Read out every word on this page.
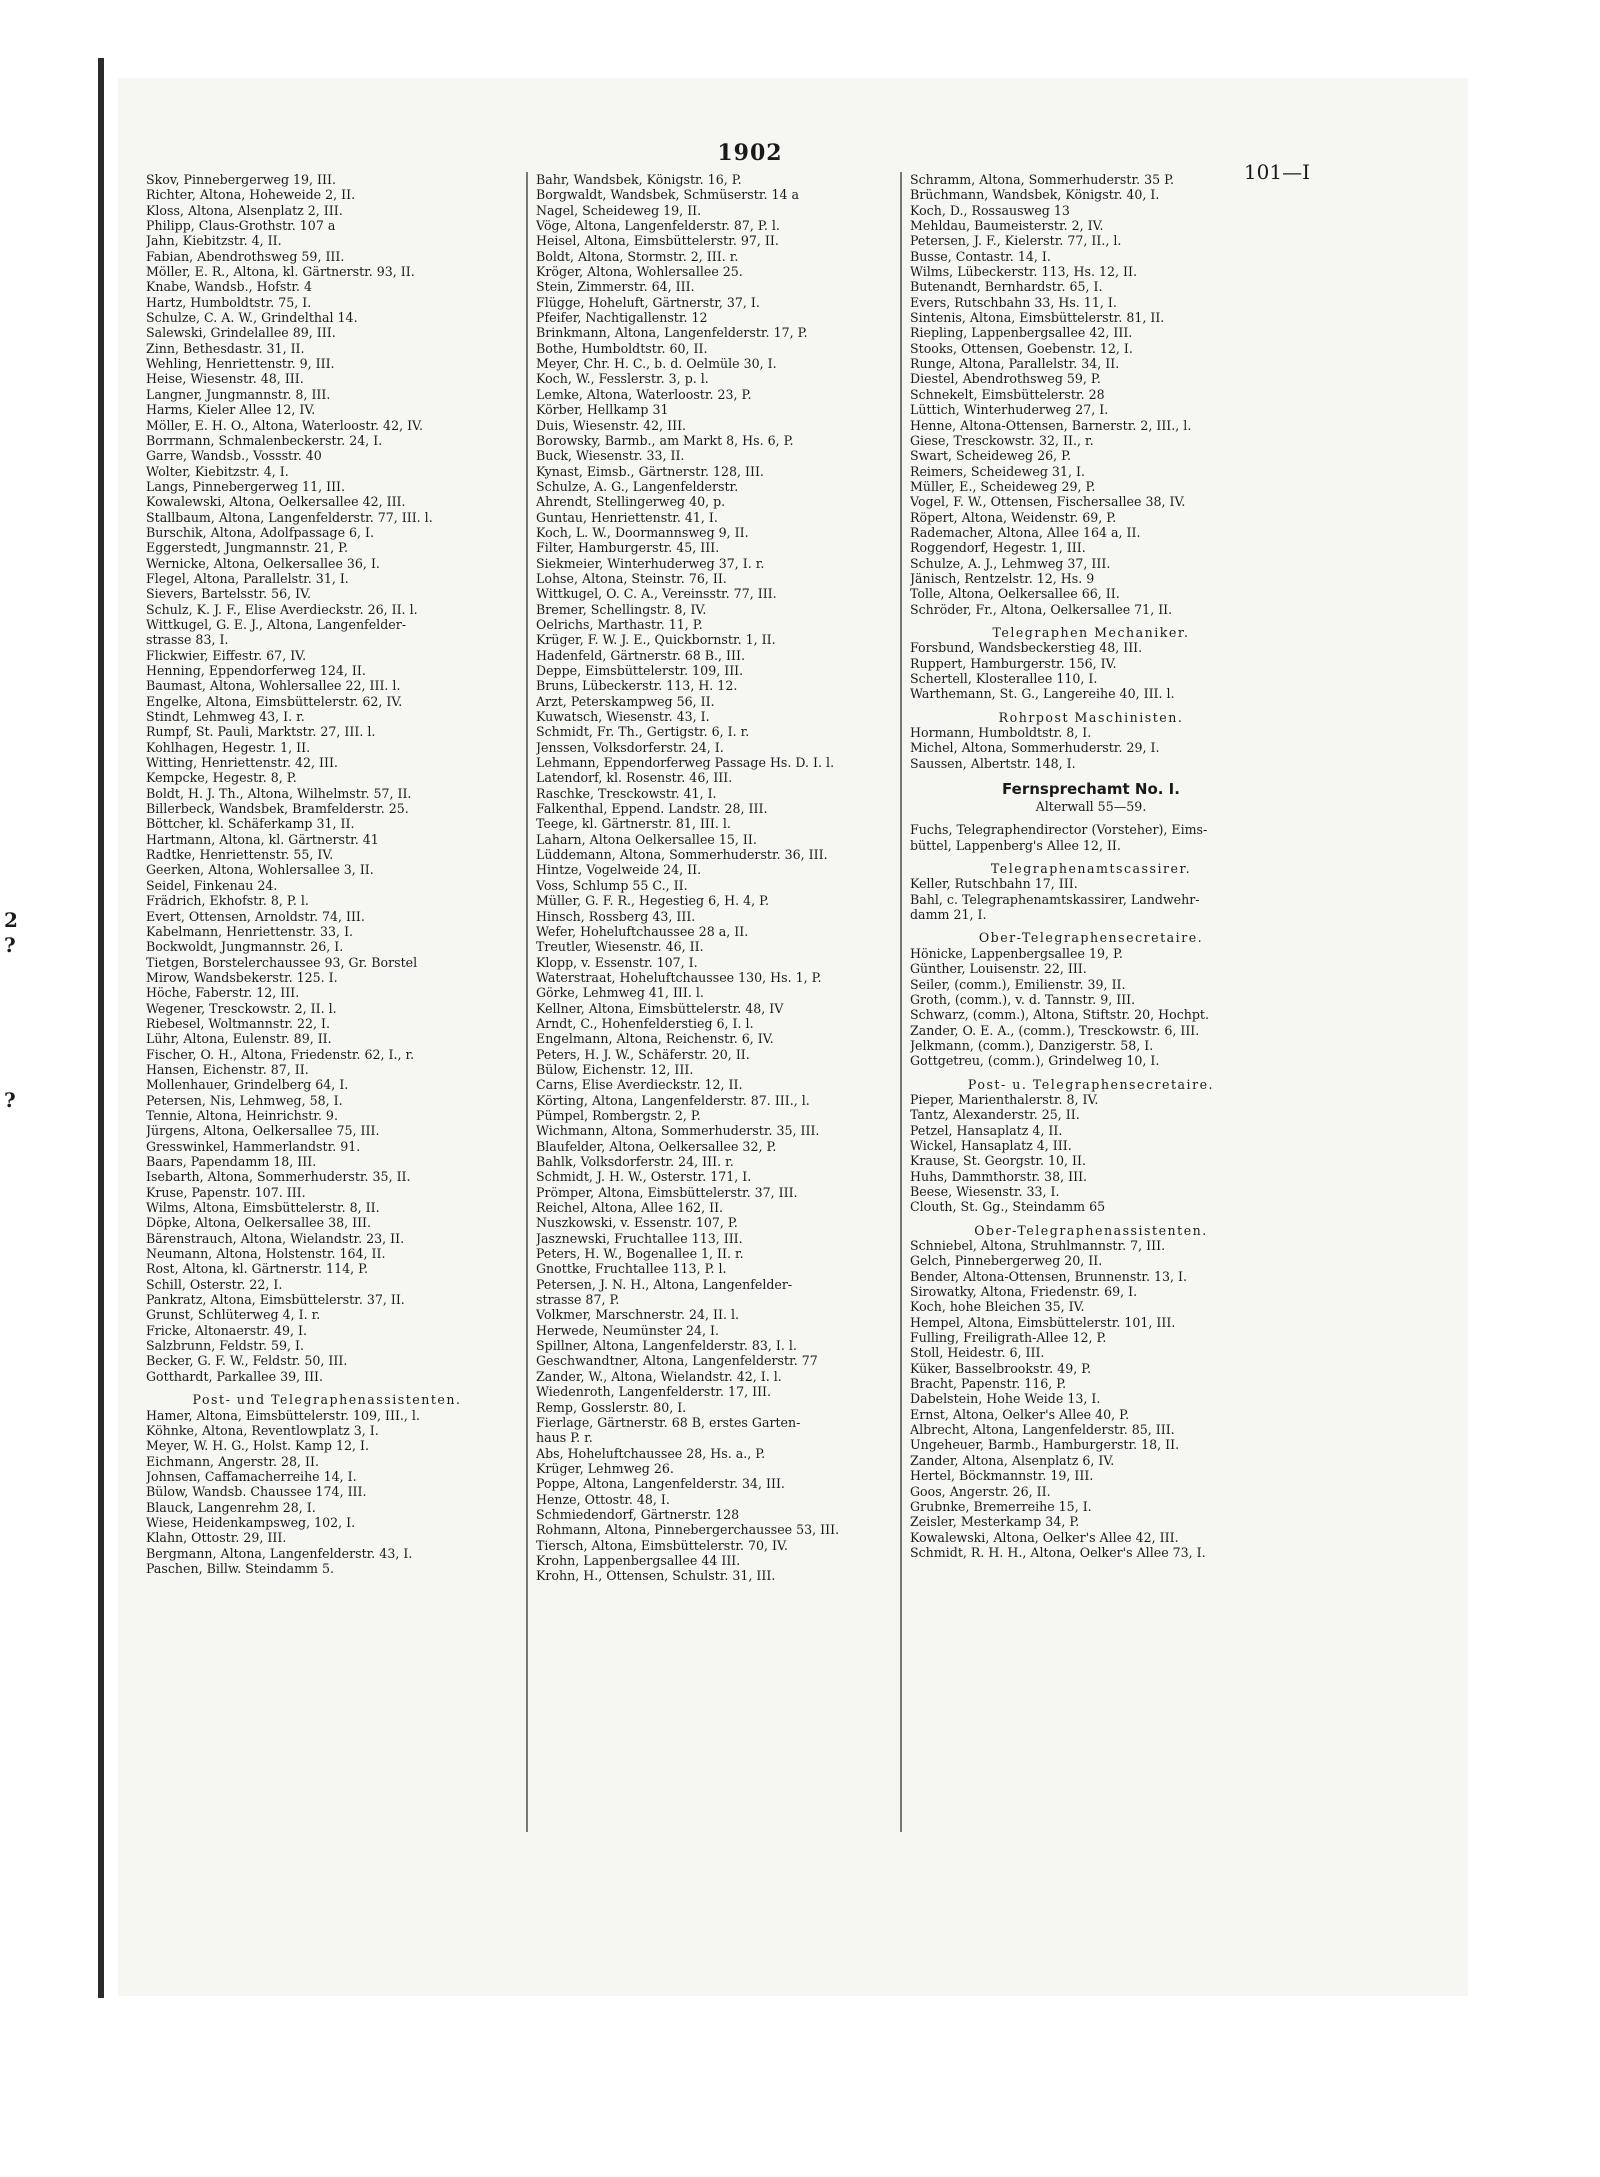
2
?
?
1902
101—I
Skov, Pinnebergerweg 19, III.
Richter, Altona, Hoheweide 2, II.
Kloss, Altona, Alsenplatz 2, III.
Philipp, Claus-Grothstr. 107 a
Jahn, Kiebitzstr. 4, II.
Fabian, Abendrothsweg 59, III.
Möller, E. R., Altona, kl. Gärtnerstr. 93, II.
Knabe, Wandsb., Hofstr. 4
Hartz, Humboldtstr. 75, I.
Schulze, C. A. W., Grindelthal 14.
Salewski, Grindelallee 89, III.
Zinn, Bethesdastr. 31, II.
Wehling, Henriettenstr. 9, III.
Heise, Wiesenstr. 48, III.
Langner, Jungmannstr. 8, III.
Harms, Kieler Allee 12, IV.
Möller, E. H. O., Altona, Waterloostr. 42, IV.
Borrmann, Schmalenbeckerstr. 24, I.
Garre, Wandsb., Vossstr. 40
Wolter, Kiebitzstr. 4, I.
Langs, Pinnebergerweg 11, III.
Kowalewski, Altona, Oelkersallee 42, III.
Stallbaum, Altona, Langenfelderstr. 77, III. l.
Burschik, Altona, Adolfpassage 6, I.
Eggerstedt, Jungmannstr. 21, P.
Wernicke, Altona, Oelkersallee 36, I.
Flegel, Altona, Parallelstr. 31, I.
Sievers, Bartelsstr. 56, IV.
Schulz, K. J. F., Elise Averdieckstr. 26, II. l.
Wittkugel, G. E. J., Altona, Langenfelder-
strasse 83, I.
Flickwier, Eiffestr. 67, IV.
Henning, Eppendorferweg 124, II.
Baumast, Altona, Wohlersallee 22, III. l.
Engelke, Altona, Eimsbüttelerstr. 62, IV.
Stindt, Lehmweg 43, I. r.
Rumpf, St. Pauli, Marktstr. 27, III. l.
Kohlhagen, Hegestr. 1, II.
Witting, Henriettenstr. 42, III.
Kempcke, Hegestr. 8, P.
Boldt, H. J. Th., Altona, Wilhelmstr. 57, II.
Billerbeck, Wandsbek, Bramfelderstr. 25.
Böttcher, kl. Schäferkamp 31, II.
Hartmann, Altona, kl. Gärtnerstr. 41
Radtke, Henriettenstr. 55, IV.
Geerken, Altona, Wohlersallee 3, II.
Seidel, Finkenau 24.
Frädrich, Ekhofstr. 8, P. l.
Evert, Ottensen, Arnoldstr. 74, III.
Kabelmann, Henriettenstr. 33, I.
Bockwoldt, Jungmannstr. 26, I.
Tietgen, Borstelerchaussee 93, Gr. Borstel
Mirow, Wandsbekerstr. 125. I.
Höche, Faberstr. 12, III.
Wegener, Tresckowstr. 2, II. l.
Riebesel, Woltmannstr. 22, I.
Lühr, Altona, Eulenstr. 89, II.
Fischer, O. H., Altona, Friedenstr. 62, I., r.
Hansen, Eichenstr. 87, II.
Mollenhauer, Grindelberg 64, I.
Petersen, Nis, Lehmweg, 58, I.
Tennie, Altona, Heinrichstr. 9.
Jürgens, Altona, Oelkersallee 75, III.
Gresswinkel, Hammerlandstr. 91.
Baars, Papendamm 18, III.
Isebarth, Altona, Sommerhuderstr. 35, II.
Kruse, Papenstr. 107. III.
Wilms, Altona, Eimsbüttelerstr. 8, II.
Döpke, Altona, Oelkersallee 38, III.
Bärenstrauch, Altona, Wielandstr. 23, II.
Neumann, Altona, Holstenstr. 164, II.
Rost, Altona, kl. Gärtnerstr. 114, P.
Schill, Osterstr. 22, I.
Pankratz, Altona, Eimsbüttelerstr. 37, II.
Grunst, Schlüterweg 4, I. r.
Fricke, Altonaerstr. 49, I.
Salzbrunn, Feldstr. 59, I.
Becker, G. F. W., Feldstr. 50, III.
Gotthardt, Parkallee 39, III.
Post- und Telegraphenassistenten.
Hamer, Altona, Eimsbüttelerstr. 109, III., l.
Köhnke, Altona, Reventlowplatz 3, I.
Meyer, W. H. G., Holst. Kamp 12, I.
Eichmann, Angerstr. 28, II.
Johnsen, Caffamacherreihe 14, I.
Bülow, Wandsb. Chaussee 174, III.
Blauck, Langenrehm 28, I.
Wiese, Heidenkampsweg, 102, I.
Klahn, Ottostr. 29, III.
Bergmann, Altona, Langenfelderstr. 43, I.
Paschen, Billw. Steindamm 5.
Bahr, Wandsbek, Königstr. 16, P.
Borgwaldt, Wandsbek, Schmüserstr. 14 a
Nagel, Scheideweg 19, II.
Vöge, Altona, Langenfelderstr. 87, P. l.
Heisel, Altona, Eimsbüttelerstr. 97, II.
Boldt, Altona, Stormstr. 2, III. r.
Kröger, Altona, Wohlersallee 25.
Stein, Zimmerstr. 64, III.
Flügge, Hoheluft, Gärtnerstr, 37, I.
Pfeifer, Nachtigallenstr. 12
Brinkmann, Altona, Langenfelderstr. 17, P.
Bothe, Humboldtstr. 60, II.
Meyer, Chr. H. C., b. d. Oelmüle 30, I.
Koch, W., Fesslerstr. 3, p. l.
Lemke, Altona, Waterloostr. 23, P.
Körber, Hellkamp 31
Duis, Wiesenstr. 42, III.
Borowsky, Barmb., am Markt 8, Hs. 6, P.
Buck, Wiesenstr. 33, II.
Kynast, Eimsb., Gärtnerstr. 128, III.
Schulze, A. G., Langenfelderstr.
Ahrendt, Stellingerweg 40, p.
Guntau, Henriettenstr. 41, I.
Koch, L. W., Doormannsweg 9, II.
Filter, Hamburgerstr. 45, III.
Siekmeier, Winterhuderweg 37, I. r.
Lohse, Altona, Steinstr. 76, II.
Wittkugel, O. C. A., Vereinsstr. 77, III.
Bremer, Schellingstr. 8, IV.
Oelrichs, Marthastr. 11, P.
Krüger, F. W. J. E., Quickbornstr. 1, II.
Hadenfeld, Gärtnerstr. 68 B., III.
Deppe, Eimsbüttelerstr. 109, III.
Bruns, Lübeckerstr. 113, H. 12.
Arzt, Peterskampweg 56, II.
Kuwatsch, Wiesenstr. 43, I.
Schmidt, Fr. Th., Gertigstr. 6, I. r.
Jenssen, Volksdorferstr. 24, I.
Lehmann, Eppendorferweg Passage Hs. D. I. l.
Latendorf, kl. Rosenstr. 46, III.
Raschke, Tresckowstr. 41, I.
Falkenthal, Eppend. Landstr. 28, III.
Teege, kl. Gärtnerstr. 81, III. l.
Laharn, Altona Oelkersallee 15, II.
Lüddemann, Altona, Sommerhuderstr. 36, III.
Hintze, Vogelweide 24, II.
Voss, Schlump 55 C., II.
Müller, G. F. R., Hegestieg 6, H. 4, P.
Hinsch, Rossberg 43, III.
Wefer, Hoheluftchaussee 28 a, II.
Treutler, Wiesenstr. 46, II.
Klopp, v. Essenstr. 107, I.
Waterstraat, Hoheluftchaussee 130, Hs. 1, P.
Görke, Lehmweg 41, III. l.
Kellner, Altona, Eimsbüttelerstr. 48, IV
Arndt, C., Hohenfelderstieg 6, I. l.
Engelmann, Altona, Reichenstr. 6, IV.
Peters, H. J. W., Schäferstr. 20, II.
Bülow, Eichenstr. 12, III.
Carns, Elise Averdieckstr. 12, II.
Körting, Altona, Langenfelderstr. 87. III., l.
Pümpel, Rombergstr. 2, P.
Wichmann, Altona, Sommerhuderstr. 35, III.
Blaufelder, Altona, Oelkersallee 32, P.
Bahlk, Volksdorferstr. 24, III. r.
Schmidt, J. H. W., Osterstr. 171, I.
Prömper, Altona, Eimsbüttelerstr. 37, III.
Reichel, Altona, Allee 162, II.
Nuszkowski, v. Essenstr. 107, P.
Jasznewski, Fruchtallee 113, III.
Peters, H. W., Bogenallee 1, II. r.
Gnottke, Fruchtallee 113, P. l.
Petersen, J. N. H., Altona, Langenfelder-
strasse 87, P.
Volkmer, Marschnerstr. 24, II. l.
Herwede, Neumünster 24, I.
Spillner, Altona, Langenfelderstr. 83, I. l.
Geschwandtner, Altona, Langenfelderstr. 77
Zander, W., Altona, Wielandstr. 42, I. l.
Wiedenroth, Langenfelderstr. 17, III.
Remp, Gosslerstr. 80, I.
Fierlage, Gärtnerstr. 68 B, erstes Garten-
haus P. r.
Abs, Hoheluftchaussee 28, Hs. a., P.
Krüger, Lehmweg 26.
Poppe, Altona, Langenfelderstr. 34, III.
Henze, Ottostr. 48, I.
Schmiedendorf, Gärtnerstr. 128
Rohmann, Altona, Pinnebergerchaussee 53, III.
Tiersch, Altona, Eimsbüttelerstr. 70, IV.
Krohn, Lappenbergsallee 44 III.
Krohn, H., Ottensen, Schulstr. 31, III.
Schramm, Altona, Sommerhuderstr. 35 P.
Brüchmann, Wandsbek, Königstr. 40, I.
Koch, D., Rossausweg 13
Mehldau, Baumeisterstr. 2, IV.
Petersen, J. F., Kielerstr. 77, II., l.
Busse, Contastr. 14, I.
Wilms, Lübeckerstr. 113, Hs. 12, II.
Butenandt, Bernhardstr. 65, I.
Evers, Rutschbahn 33, Hs. 11, I.
Sintenis, Altona, Eimsbüttelerstr. 81, II.
Riepling, Lappenbergsallee 42, III.
Stooks, Ottensen, Goebenstr. 12, I.
Runge, Altona, Parallelstr. 34, II.
Diestel, Abendrothsweg 59, P.
Schnekelt, Eimsbüttelerstr. 28
Lüttich, Winterhuderweg 27, I.
Henne, Altona-Ottensen, Barnerstr. 2, III., l.
Giese, Tresckowstr. 32, II., r.
Swart, Scheideweg 26, P.
Reimers, Scheideweg 31, I.
Müller, E., Scheideweg 29, P.
Vogel, F. W., Ottensen, Fischersallee 38, IV.
Röpert, Altona, Weidenstr. 69, P.
Rademacher, Altona, Allee 164 a, II.
Roggendorf, Hegestr. 1, III.
Schulze, A. J., Lehmweg 37, III.
Jänisch, Rentzelstr. 12, Hs. 9
Tolle, Altona, Oelkersallee 66, II.
Schröder, Fr., Altona, Oelkersallee 71, II.
Telegraphen Mechaniker.
Forsbund, Wandsbeckerstieg 48, III.
Ruppert, Hamburgerstr. 156, IV.
Schertell, Klosterallee 110, I.
Warthemann, St. G., Langereihe 40, III. l.
Rohrpost Maschinisten.
Hormann, Humboldtstr. 8, I.
Michel, Altona, Sommerhuderstr. 29, I.
Saussen, Albertstr. 148, I.
Fernsprechamt No. I.
Alterwall 55—59.
Fuchs, Telegraphendirector (Vorsteher), Eims-
büttel, Lappenberg's Allee 12, II.
Telegraphenamtscassirer.
Keller, Rutschbahn 17, III.
Bahl, c. Telegraphenamtskassirer, Landwehr-
damm 21, I.
Ober-Telegraphensecretaire.
Hönicke, Lappenbergsallee 19, P.
Günther, Louisenstr. 22, III.
Seiler, (comm.), Emilienstr. 39, II.
Groth, (comm.), v. d. Tannstr. 9, III.
Schwarz, (comm.), Altona, Stiftstr. 20, Hochpt.
Zander, O. E. A., (comm.), Tresckowstr. 6, III.
Jelkmann, (comm.), Danzigerstr. 58, I.
Gottgetreu, (comm.), Grindelweg 10, I.
Post- u. Telegraphensecretaire.
Pieper, Marienthalerstr. 8, IV.
Tantz, Alexanderstr. 25, II.
Petzel, Hansaplatz 4, II.
Wickel, Hansaplatz 4, III.
Krause, St. Georgstr. 10, II.
Huhs, Dammthorstr. 38, III.
Beese, Wiesenstr. 33, I.
Clouth, St. Gg., Steindamm 65
Ober-Telegraphenassistenten.
Schniebel, Altona, Struhlmannstr. 7, III.
Gelch, Pinnebergerweg 20, II.
Bender, Altona-Ottensen, Brunnenstr. 13, I.
Sirowatky, Altona, Friedenstr. 69, I.
Koch, hohe Bleichen 35, IV.
Hempel, Altona, Eimsbüttelerstr. 101, III.
Fulling, Freiligrath-Allee 12, P.
Stoll, Heidestr. 6, III.
Küker, Basselbrookstr. 49, P.
Bracht, Papenstr. 116, P.
Dabelstein, Hohe Weide 13, I.
Ernst, Altona, Oelker's Allee 40, P.
Albrecht, Altona, Langenfelderstr. 85, III.
Ungeheuer, Barmb., Hamburgerstr. 18, II.
Zander, Altona, Alsenplatz 6, IV.
Hertel, Böckmannstr. 19, III.
Goos, Angerstr. 26, II.
Grubnke, Bremerreihe 15, I.
Zeisler, Mesterkamp 34, P.
Kowalewski, Altona, Oelker's Allee 42, III.
Schmidt, R. H. H., Altona, Oelker's Allee 73, I.
